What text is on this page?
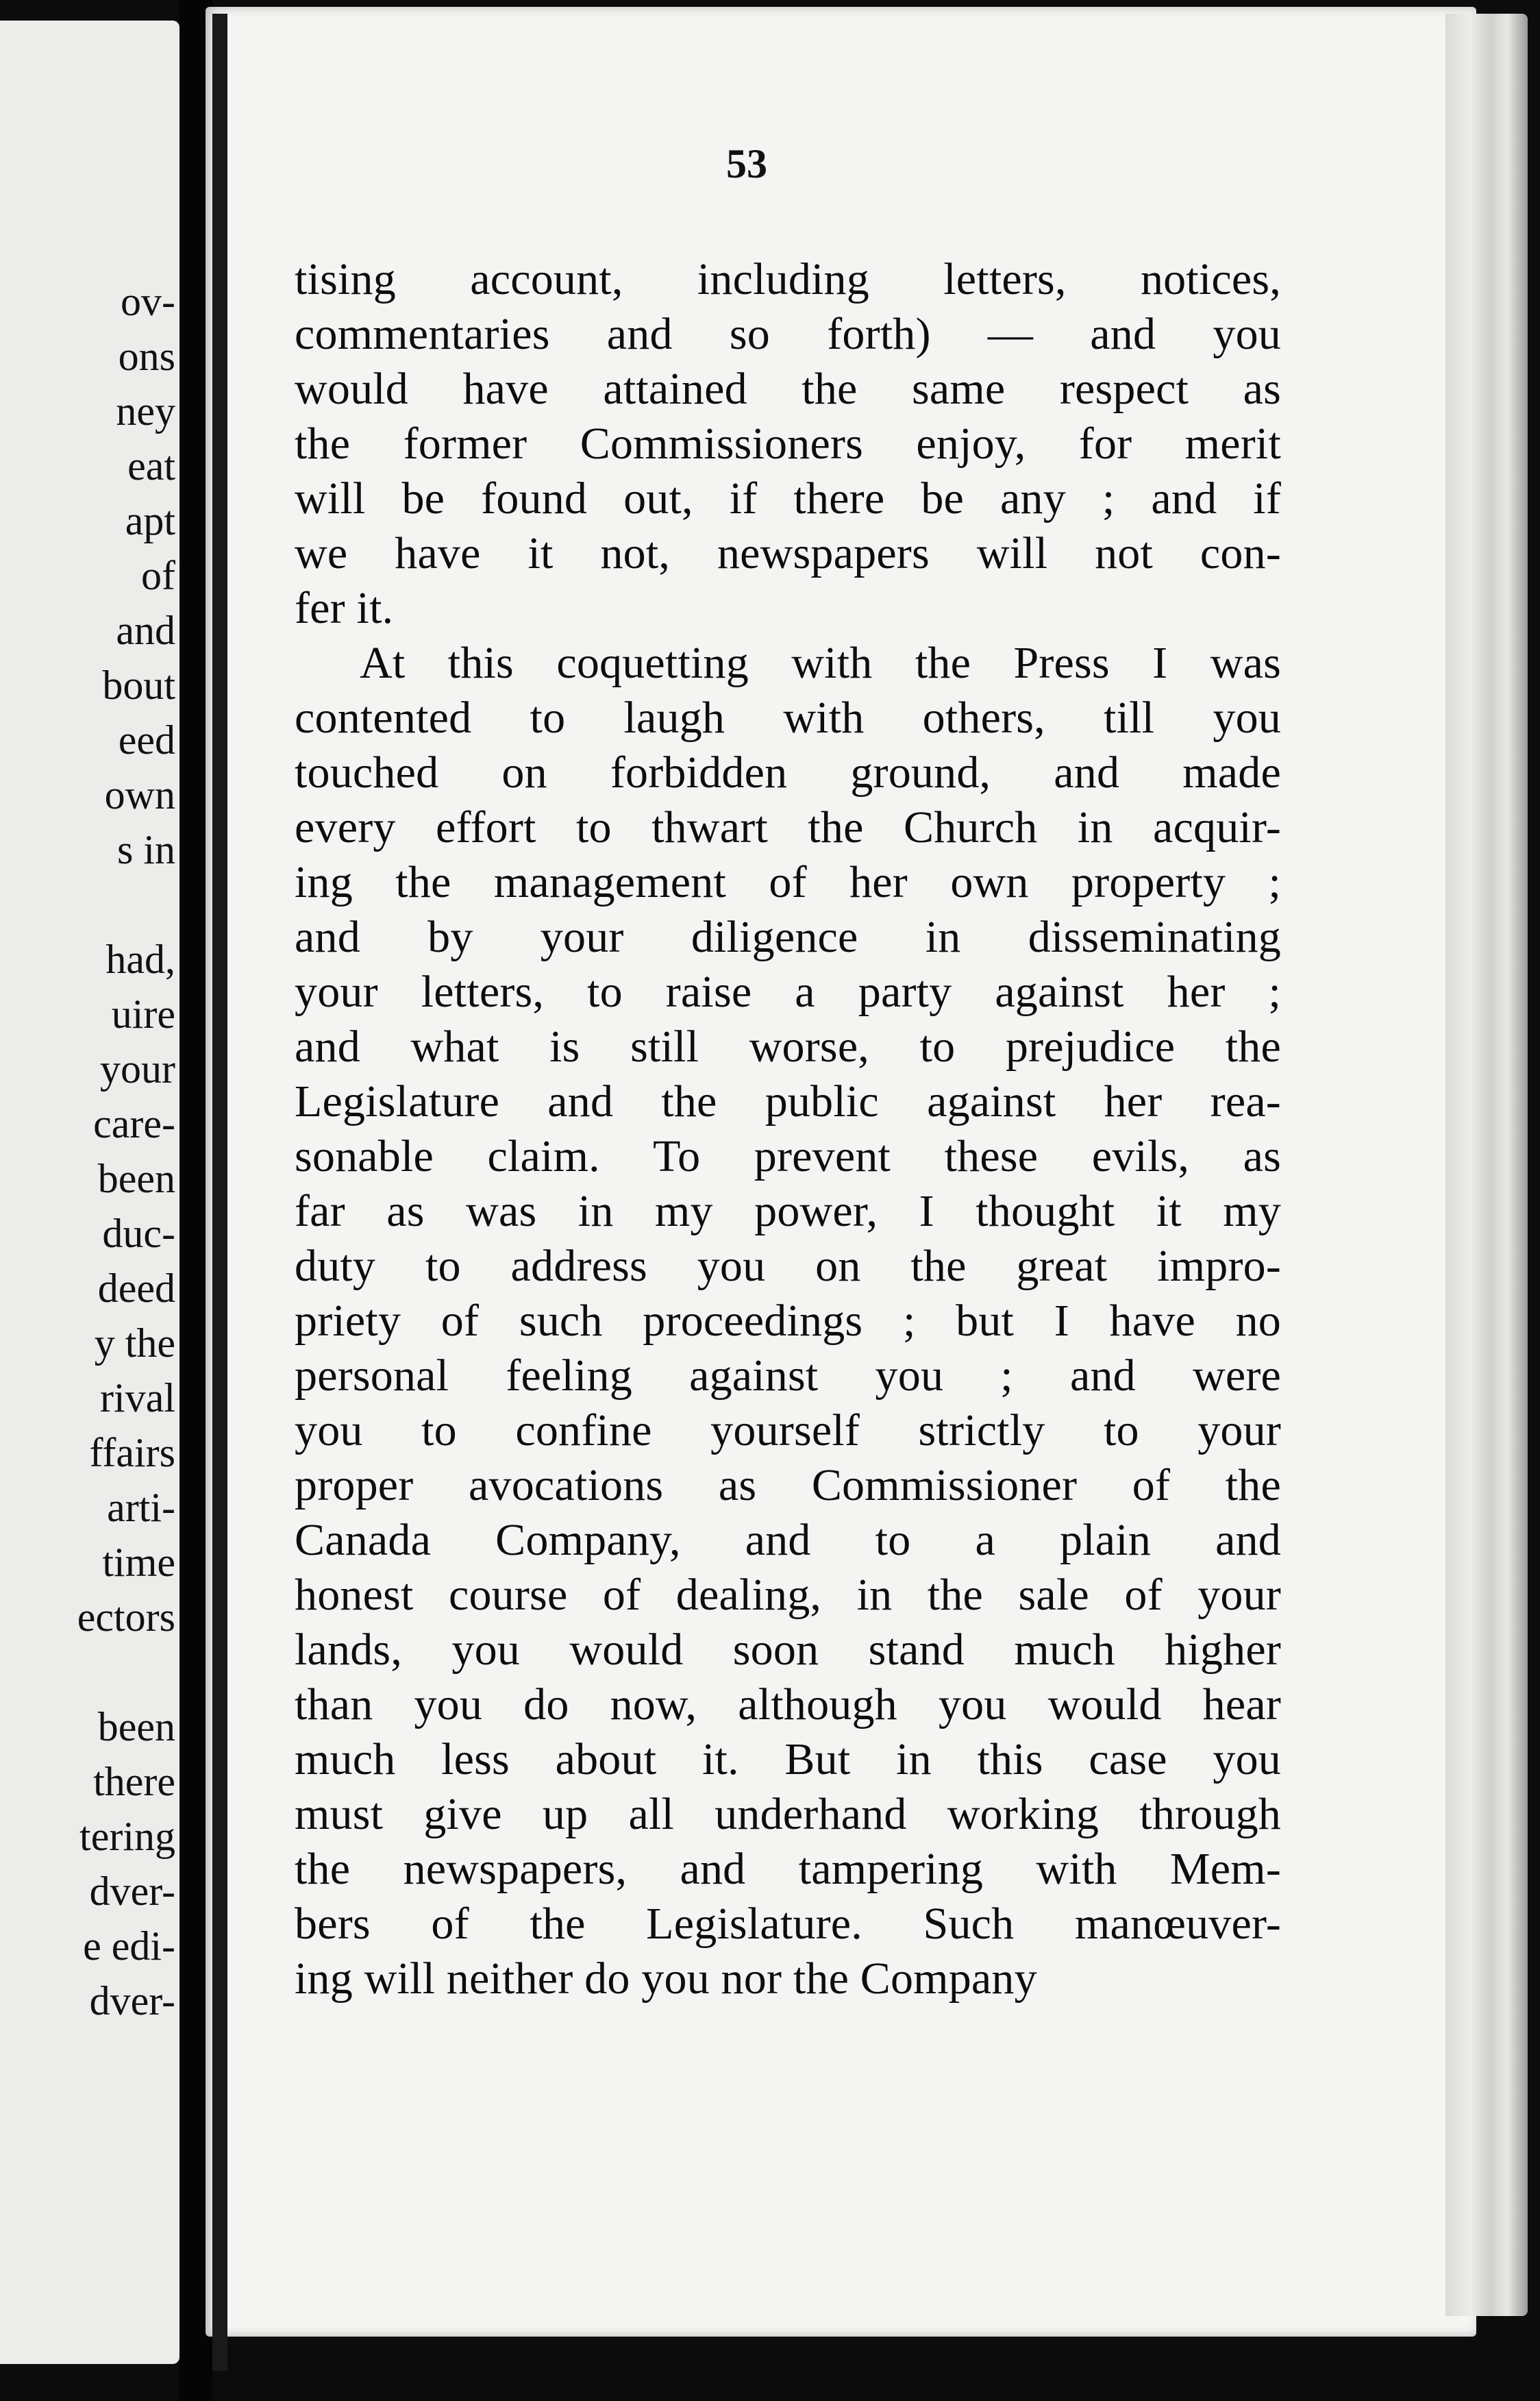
ov-
ons
ney
eat
apt
of
and
bout
eed
own
s in
had,
uire
your
care-
been
duc-
deed
y the
rival
ffairs
arti-
time
ectors
been
there
tering
dver-
e edi-
dver-
53
tising account, including letters, notices,
commentaries and so forth) — and you
would have attained the same respect as
the former Commissioners enjoy, for merit
will be found out, if there be any ; and if
we have it not, newspapers will not con-
fer it.
At this coquetting with the Press I was
contented to laugh with others, till you
touched on forbidden ground, and made
every effort to thwart the Church in acquir-
ing the management of her own property ;
and by your diligence in disseminating
your letters, to raise a party against her ;
and what is still worse, to prejudice the
Legislature and the public against her rea-
sonable claim. To prevent these evils, as
far as was in my power, I thought it my
duty to address you on the great impro-
priety of such proceedings ; but I have no
personal feeling against you ; and were
you to confine yourself strictly to your
proper avocations as Commissioner of the
Canada Company, and to a plain and
honest course of dealing, in the sale of your
lands, you would soon stand much higher
than you do now, although you would hear
much less about it. But in this case you
must give up all underhand working through
the newspapers, and tampering with Mem-
bers of the Legislature. Such manœuver-
ing will neither do you nor the Company
